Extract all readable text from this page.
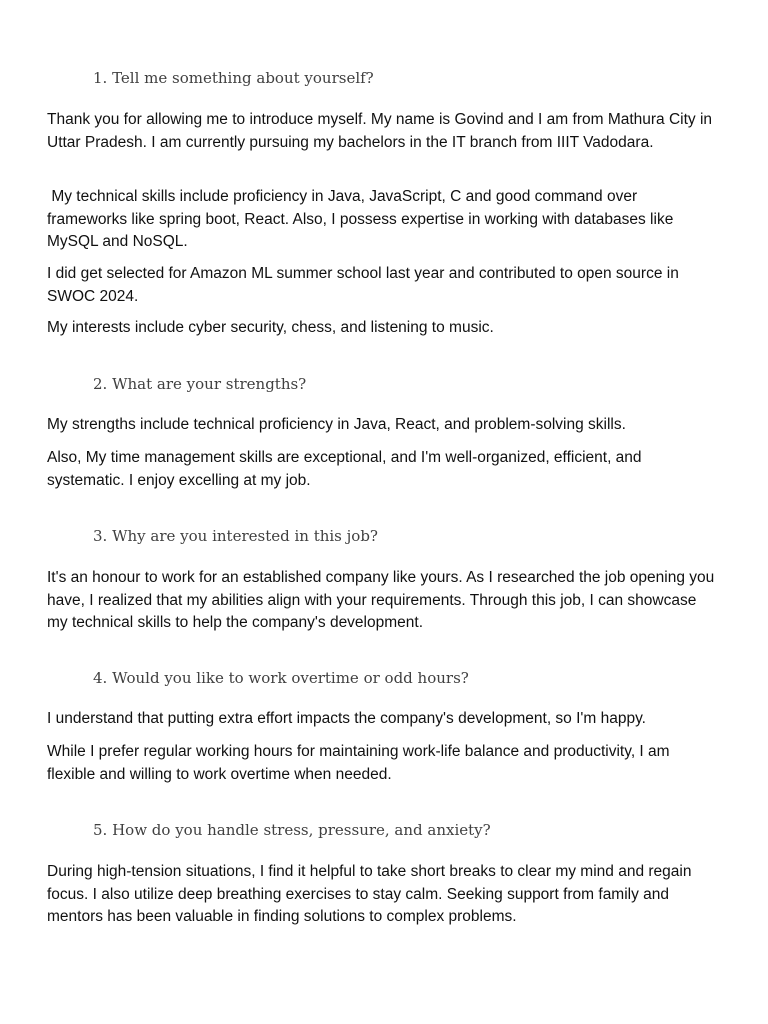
1. Tell me something about yourself?
Thank you for allowing me to introduce myself. My name is Govind and I am from Mathura City in Uttar Pradesh. I am currently pursuing my bachelors in the IT branch from IIIT Vadodara.
My technical skills include proficiency in Java, JavaScript, C and good command over frameworks like spring boot, React. Also, I possess expertise in working with databases like MySQL and NoSQL.
I did get selected for Amazon ML summer school last year and contributed to open source in SWOC 2024.
My interests include cyber security, chess, and listening to music.
2. What are your strengths?
My strengths include technical proficiency in Java, React, and problem-solving skills.
Also, My time management skills are exceptional, and I'm well-organized, efficient, and systematic. I enjoy excelling at my job.
3. Why are you interested in this job?
It's an honour to work for an established company like yours. As I researched the job opening you have, I realized that my abilities align with your requirements. Through this job, I can showcase my technical skills to help the company's development.
4. Would you like to work overtime or odd hours?
I understand that putting extra effort impacts the company's development, so I'm happy.
While I prefer regular working hours for maintaining work-life balance and productivity, I am flexible and willing to work overtime when needed.
5. How do you handle stress, pressure, and anxiety?
During high-tension situations, I find it helpful to take short breaks to clear my mind and regain focus. I also utilize deep breathing exercises to stay calm. Seeking support from family and mentors has been valuable in finding solutions to complex problems.
